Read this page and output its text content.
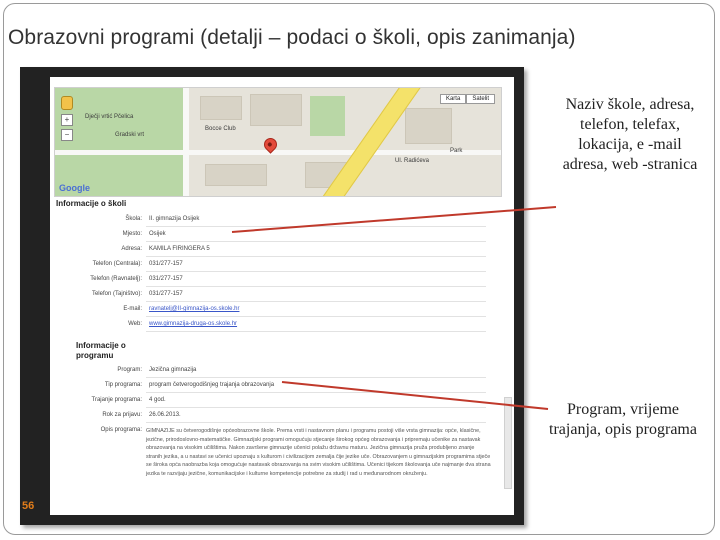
Obrazovni programi (detalji – podaci o školi, opis zanimanja)
+
−
Karta	Satelit
Dječji vrtić Pčelica
Gradski vrt
Bocce Club
Park
Ul. Radićeva
Google
Informacije o školi
Škola: II. gimnazija Osijek
Mjesto: Osijek
Adresa: KAMILA FIRINGERA 5
Telefon (Centrala): 031/277-157
Telefon (Ravnatelj): 031/277-157
Telefon (Tajništvo): 031/277-157
E-mail: ravnatelj@II-gimnazija-os.skole.hr
Web: www.gimnazija-druga-os.skole.hr
Informacije o programu
Program: Jezična gimnazija
Tip programa: program četverogodišnjeg trajanja obrazovanja
Trajanje programa: 4 god.
Rok za prijavu: 26.06.2013.
Opis programa: GIMNAZIJE su četverogodišnje općeobrazovne škole. Prema vrsti i nastavnom planu i programu postoji više vrsta gimnazija: opće, klasične, jezične, prirodoslovno-matematičke. Gimnazijski programi omogućuju stjecanje širokog općeg obrazovanja i pripremaju učenike za nastavak obrazovanja na visokim učilištima. Nakon završene gimnazije učenici polažu državnu maturu. Jezična gimnazija pruža produbljeno znanje stranih jezika, a u nastavi se učenici upoznaju s kulturom i civilizacijom zemalja čije jezike uče. Obrazovanjem u gimnazijskim programima stječe se široka opća naobrazba koja omogućuje nastavak obrazovanja na svim visokim učilištima. Učenici tijekom školovanja uče najmanje dva strana jezika te razvijaju jezične, komunikacijske i kulturne kompetencije potrebne za studij i rad u međunarodnom okruženju.
Naziv škole, adresa, telefon, telefax, lokacija, e -mail adresa, web -stranica
Program, vrijeme trajanja, opis programa
56
